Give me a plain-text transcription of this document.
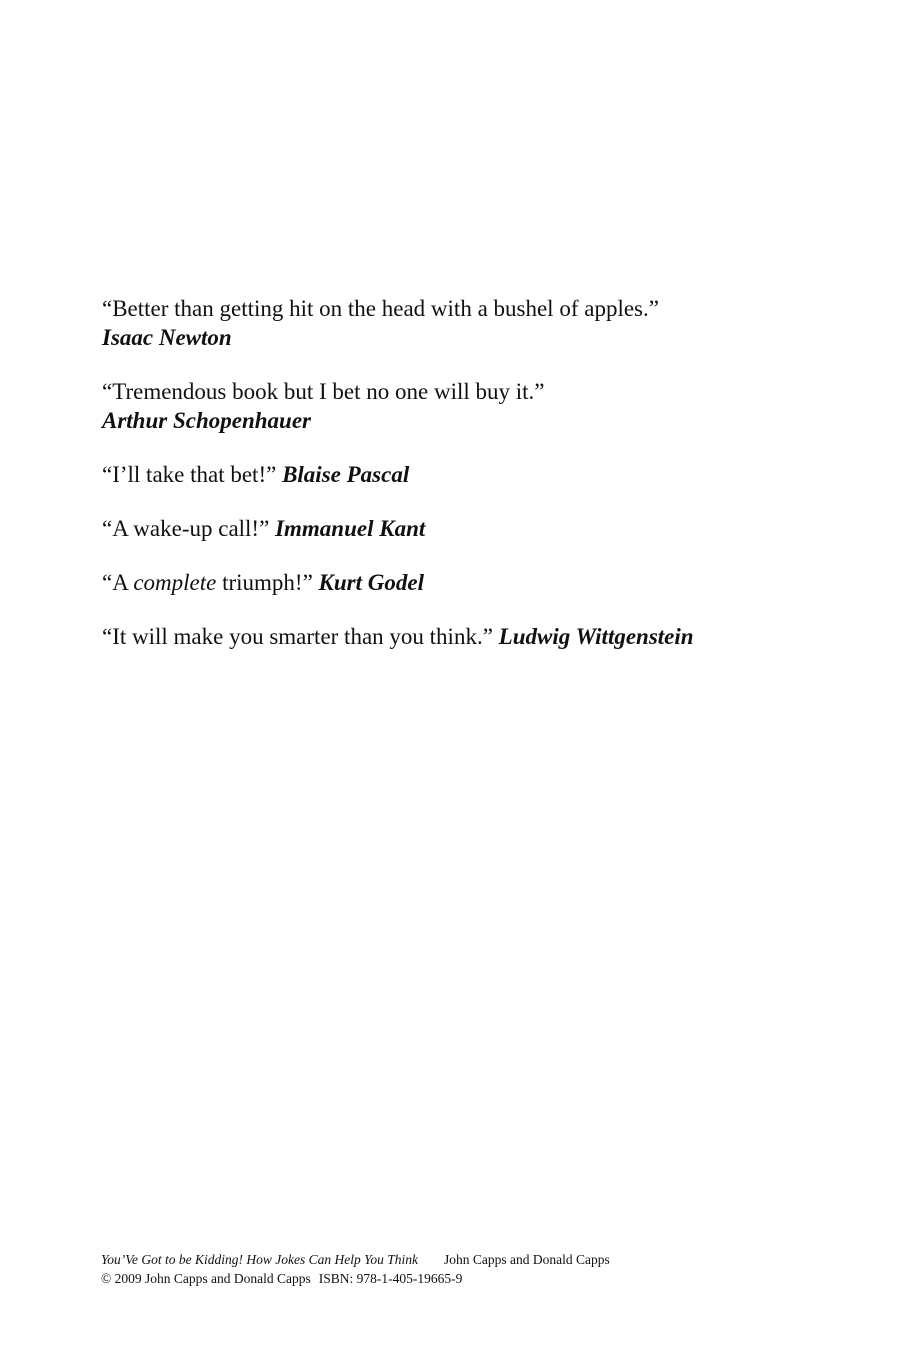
“Better than getting hit on the head with a bushel of apples.”
Isaac Newton

“Tremendous book but I bet no one will buy it.”
Arthur Schopenhauer

“I’ll take that bet!” Blaise Pascal

“A wake-up call!” Immanuel Kant

“A complete triumph!” Kurt Godel

“It will make you smarter than you think.” Ludwig Wittgenstein

You’Ve Got to be Kidding! How Jokes Can Help You Think John Capps and Donald Capps
© 2009 John Capps and Donald Capps ISBN: 978-1-405-19665-9
